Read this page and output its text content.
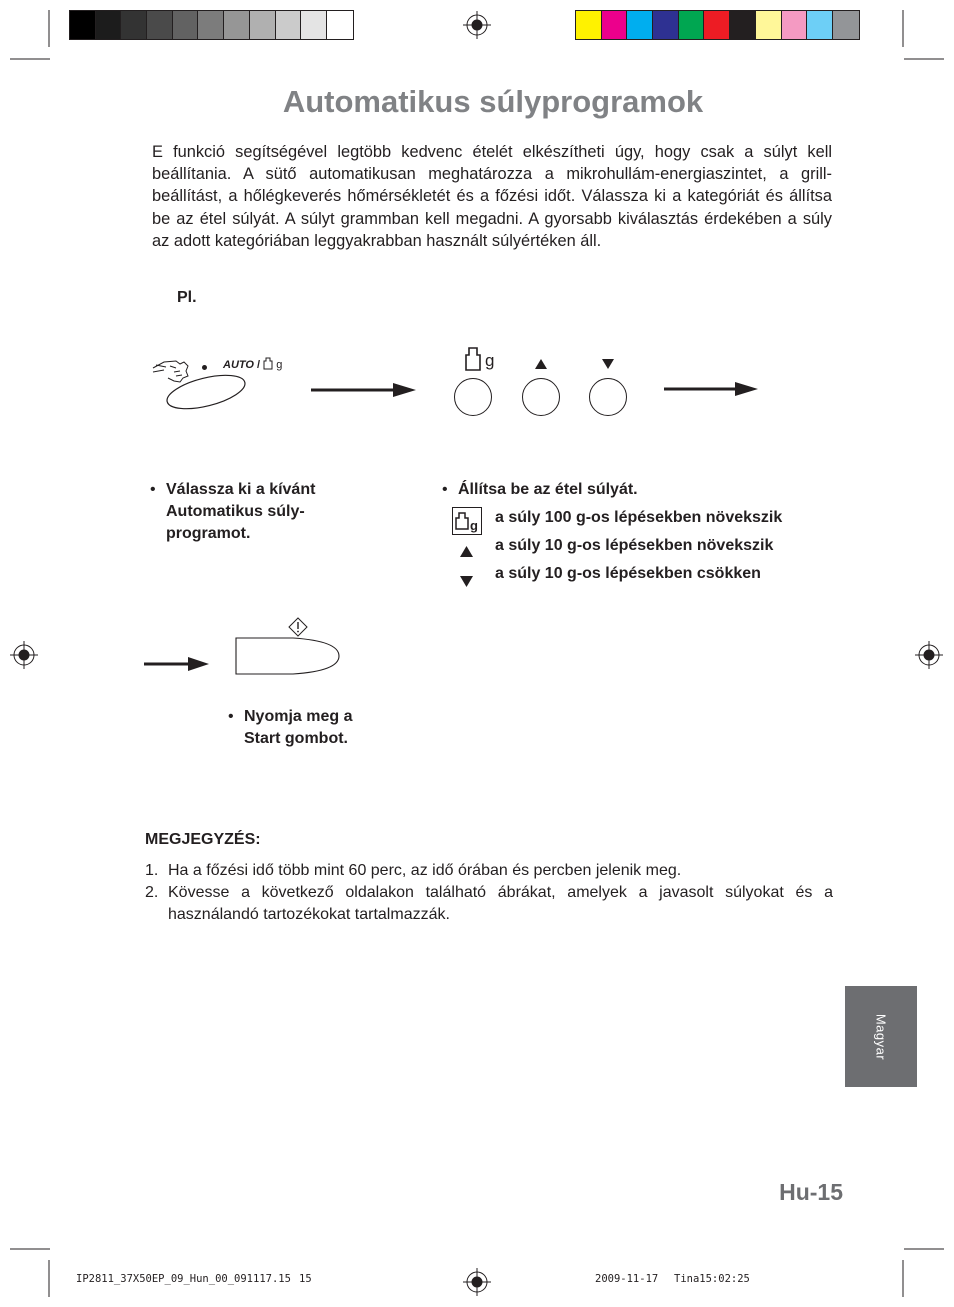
Automatikus súlyprogramok

E funkció segítségével legtöbb kedvenc ételét elkészítheti úgy, hogy csak a súlyt kell beállítania. A sütő automatikusan meghatározza a mikrohullám-energiaszintet, a grill-beállítást, a hőlégkeverés hőmérsékletét és a főzési időt. Válassza ki a kategóriát és állítsa be az étel súlyát. A súlyt grammban kell megadni. A gyorsabb kiválasztás érdekében a súly az adott kategóriában leggyakrabban használt súlyértéken áll.

Pl.
AUTO / g	g
• Válassza ki a kívánt
Automatikus súly-
programot.
• Állítsa be az étel súlyát.
g a súly 100 g-os lépésekben növekszik
a súly 10 g-os lépésekben növekszik
a súly 10 g-os lépésekben csökken
• Nyomja meg a
Start gombot.
MEGJEGYZÉS:
1. Ha a főzési idő több mint 60 perc, az idő órában és percben jelenik meg.
2. Kövesse a következő oldalakon található ábrákat, amelyek a javasolt súlyokat és a használandó tartozékokat tartalmazzák.
Magyar
Hu-15
IP2811_37X50EP_09_Hun_00_091117.15 15	2009-11-17 Tina15:02:25
